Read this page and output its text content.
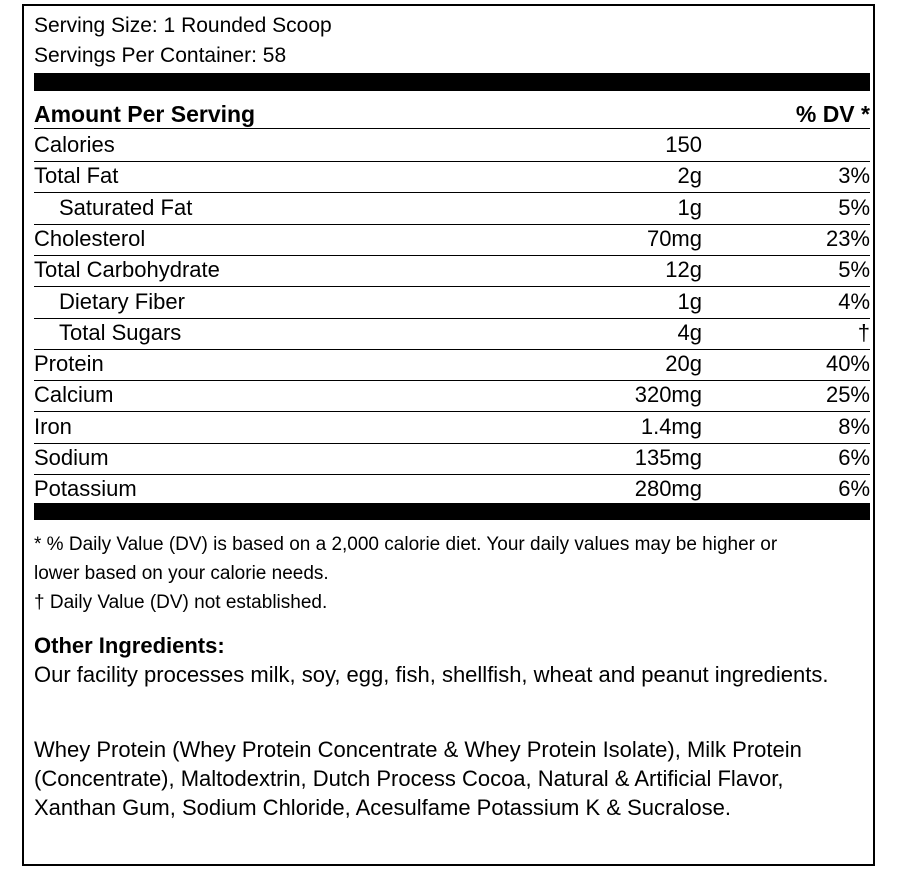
Serving Size: 1 Rounded Scoop
Servings Per Container: 58
Amount Per Serving	% DV *
Calories	150
Total Fat	2g	3%
Saturated Fat	1g	5%
Cholesterol	70mg	23%
Total Carbohydrate	12g	5%
Dietary Fiber	1g	4%
Total Sugars	4g	†
Protein	20g	40%
Calcium	320mg	25%
Iron	1.4mg	8%
Sodium	135mg	6%
Potassium	280mg	6%
* % Daily Value (DV) is based on a 2,000 calorie diet. Your daily values may be higher or
lower based on your calorie needs.
† Daily Value (DV) not established.
Other Ingredients:
Our facility processes milk, soy, egg, fish, shellfish, wheat and peanut ingredients.
Whey Protein (Whey Protein Concentrate & Whey Protein Isolate), Milk Protein (Concentrate), Maltodextrin, Dutch Process Cocoa, Natural & Artificial Flavor, Xanthan Gum, Sodium Chloride, Acesulfame Potassium K & Sucralose.
